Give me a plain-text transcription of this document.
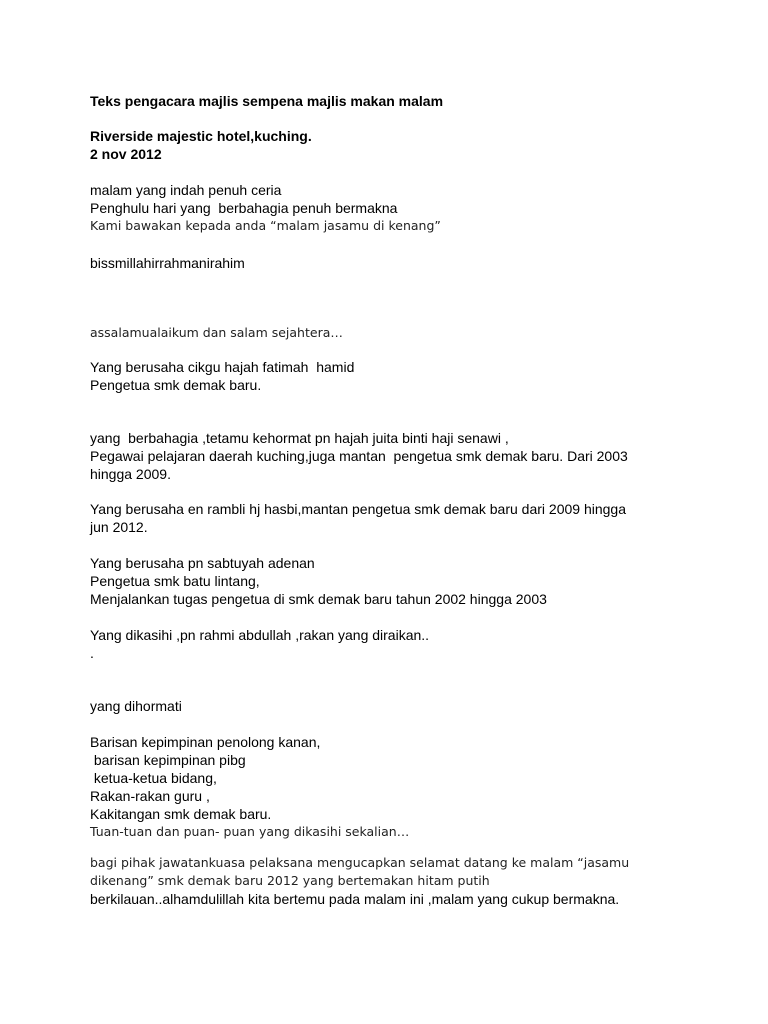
Teks pengacara majlis sempena majlis makan malam

Riverside majestic hotel,kuching.

2 nov 2012

malam yang indah penuh ceria

Penghulu hari yang  berbahagia penuh bermakna

Kami bawakan kepada anda “malam jasamu di kenang”

bissmillahirrahmanirahim

assalamualaikum dan salam sejahtera…

Yang berusaha cikgu hajah fatimah  hamid

Pengetua smk demak baru.

yang  berbahagia ,tetamu kehormat pn hajah juita binti haji senawi ,

Pegawai pelajaran daerah kuching,juga mantan  pengetua smk demak baru. Dari 2003

hingga 2009.

Yang berusaha en rambli hj hasbi,mantan pengetua smk demak baru dari 2009 hingga

jun 2012.

Yang berusaha pn sabtuyah adenan

Pengetua smk batu lintang,

Menjalankan tugas pengetua di smk demak baru tahun 2002 hingga 2003

Yang dikasihi ,pn rahmi abdullah ,rakan yang diraikan..

.

yang dihormati

Barisan kepimpinan penolong kanan,

barisan kepimpinan pibg

ketua-ketua bidang,

Rakan-rakan guru ,

Kakitangan smk demak baru.

Tuan-tuan dan puan- puan yang dikasihi sekalian…

bagi pihak jawatankuasa pelaksana mengucapkan selamat datang ke malam “jasamu

dikenang” smk demak baru 2012 yang bertemakan hitam putih

berkilauan..alhamdulillah kita bertemu pada malam ini ,malam yang cukup bermakna.
